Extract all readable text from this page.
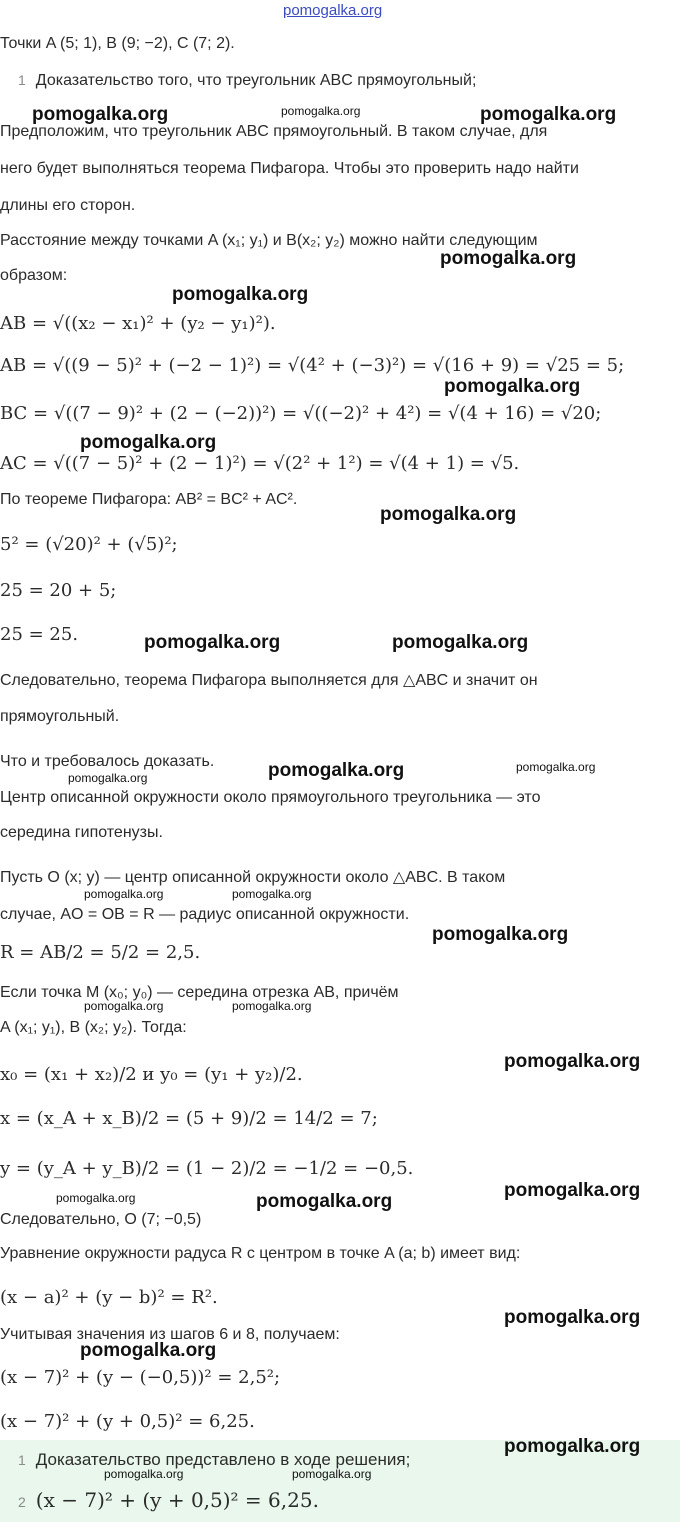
pomogalka.org
Точки A (5; 1), B (9; −2), C (7; 2).
1 Доказательство того, что треугольник ABC прямоугольный;
Предположим, что треугольник ABC прямоугольный. В таком случае, для
него будет выполняться теорема Пифагора. Чтобы это проверить надо найти
длины его сторон.
Расстояние между точками A (x₁; y₁) и B(x₂; y₂) можно найти следующим
образом:
AB = √((x₂ − x₁)² + (y₂ − y₁)²).
AB = √((9 − 5)² + (−2 − 1)²) = √(4² + (−3)²) = √(16 + 9) = √25 = 5;
BC = √((7 − 9)² + (2 − (−2))²) = √((−2)² + 4²) = √(4 + 16) = √20;
AC = √((7 − 5)² + (2 − 1)²) = √(2² + 1²) = √(4 + 1) = √5.
По теореме Пифагора: AB² = BC² + AC².
5² = (√20)² + (√5)²;
25 = 20 + 5;
25 = 25.
Следовательно, теорема Пифагора выполняется для △ABC и значит он
прямоугольный.
Что и требовалось доказать.
Центр описанной окружности около прямоугольного треугольника — это
середина гипотенузы.
Пусть O (x; y) — центр описанной окружности около △ABC. В таком
случае, AO = OB = R — радиус описанной окружности.
R = AB/2 = 5/2 = 2,5.
Если точка M (x₀; y₀) — середина отрезка AB, причём
A (x₁; y₁), B (x₂; y₂). Тогда:
x₀ = (x₁ + x₂)/2 и y₀ = (y₁ + y₂)/2.
x = (x_A + x_B)/2 = (5 + 9)/2 = 14/2 = 7;
y = (y_A + y_B)/2 = (1 − 2)/2 = −1/2 = −0,5.
Следовательно, O (7; −0,5)
Уравнение окружности радуса R с центром в точке A (a; b) имеет вид:
(x − a)² + (y − b)² = R².
Учитывая значения из шагов 6 и 8, получаем:
(x − 7)² + (y − (−0,5))² = 2,5²;
(x − 7)² + (y + 0,5)² = 6,25.
1 Доказательство представлено в ходе решения;
2 (x − 7)² + (y + 0,5)² = 6,25.
pomogalka.org	pomogalka.org	pomogalka.org
pomogalka.org
pomogalka.org
pomogalka.org
pomogalka.org
pomogalka.org
pomogalka.org	pomogalka.org
pomogalka.org	pomogalka.org	pomogalka.org
pomogalka.org	pomogalka.org
pomogalka.org
pomogalka.org	pomogalka.org
pomogalka.org
pomogalka.org	pomogalka.org
pomogalka.org
pomogalka.org
pomogalka.org
pomogalka.org
pomogalka.org	pomogalka.org
